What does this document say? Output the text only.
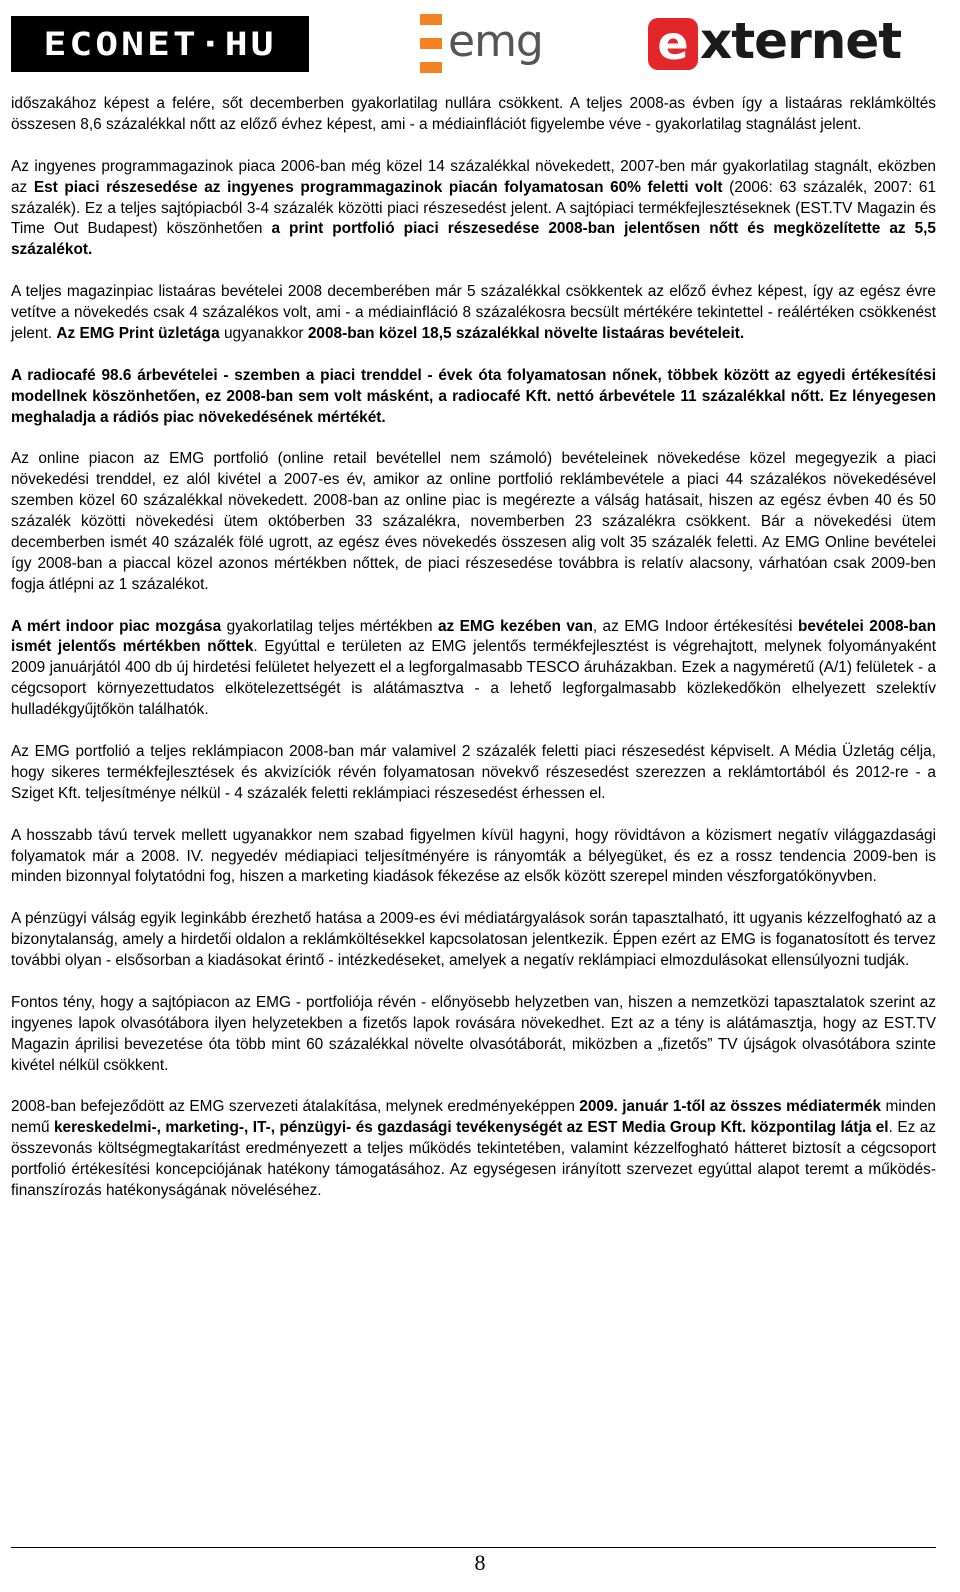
ECONET·HU	emg e xternet

időszakához képest a felére, sőt decemberben gyakorlatilag nullára csökkent. A teljes 2008-as évben így a listaáras reklámköltés összesen 8,6 százalékkal nőtt az előző évhez képest, ami - a médiainflációt figyelembe véve - gyakorlatilag stagnálást jelent.

Az ingyenes programmagazinok piaca 2006-ban még közel 14 százalékkal növekedett, 2007-ben már gyakorlatilag stagnált, eközben az Est piaci részesedése az ingyenes programmagazinok piacán folyamatosan 60% feletti volt (2006: 63 százalék, 2007: 61 százalék). Ez a teljes sajtópiacból 3-4 százalék közötti piaci részesedést jelent. A sajtópiaci termékfejlesztéseknek (EST.TV Magazin és Time Out Budapest) köszönhetően a print portfolió piaci részesedése 2008-ban jelentősen nőtt és megközelítette az 5,5 százalékot.

A teljes magazinpiac listaáras bevételei 2008 decemberében már 5 százalékkal csökkentek az előző évhez képest, így az egész évre vetítve a növekedés csak 4 százalékos volt, ami - a médiainfláció 8 százalékosra becsült mértékére tekintettel - reálértéken csökkenést jelent. Az EMG Print üzletága ugyanakkor 2008-ban közel 18,5 százalékkal növelte listaáras bevételeit.

A radiocafé 98.6 árbevételei - szemben a piaci trenddel - évek óta folyamatosan nőnek, többek között az egyedi értékesítési modellnek köszönhetően, ez 2008-ban sem volt másként, a radiocafé Kft. nettó árbevétele 11 százalékkal nőtt. Ez lényegesen meghaladja a rádiós piac növekedésének mértékét.

Az online piacon az EMG portfolió (online retail bevétellel nem számoló) bevételeinek növekedése közel megegyezik a piaci növekedési trenddel, ez alól kivétel a 2007-es év, amikor az online portfolió reklámbevétele a piaci 44 százalékos növekedésével szemben közel 60 százalékkal növekedett. 2008-ban az online piac is megérezte a válság hatásait, hiszen az egész évben 40 és 50 százalék közötti növekedési ütem októberben 33 százalékra, novemberben 23 százalékra csökkent. Bár a növekedési ütem decemberben ismét 40 százalék fölé ugrott, az egész éves növekedés összesen alig volt 35 százalék feletti. Az EMG Online bevételei így 2008-ban a piaccal közel azonos mértékben nőttek, de piaci részesedése továbbra is relatív alacsony, várhatóan csak 2009-ben fogja átlépni az 1 százalékot.

A mért indoor piac mozgása gyakorlatilag teljes mértékben az EMG kezében van, az EMG Indoor értékesítési bevételei 2008-ban ismét jelentős mértékben nőttek. Egyúttal e területen az EMG jelentős termékfejlesztést is végrehajtott, melynek folyományaként 2009 januárjától 400 db új hirdetési felületet helyezett el a legforgalmasabb TESCO áruházakban. Ezek a nagyméretű (A/1) felületek - a cégcsoport környezettudatos elkötelezettségét is alátámasztva - a lehető legforgalmasabb közlekedőkön elhelyezett szelektív hulladékgyűjtőkön találhatók.

Az EMG portfolió a teljes reklámpiacon 2008-ban már valamivel 2 százalék feletti piaci részesedést képviselt. A Média Üzletág célja, hogy sikeres termékfejlesztések és akvizíciók révén folyamatosan növekvő részesedést szerezzen a reklámtortából és 2012-re - a Sziget Kft. teljesítménye nélkül - 4 százalék feletti reklámpiaci részesedést érhessen el.

A hosszabb távú tervek mellett ugyanakkor nem szabad figyelmen kívül hagyni, hogy rövidtávon a közismert negatív világgazdasági folyamatok már a 2008. IV. negyedév médiapiaci teljesítményére is rányomták a bélyegüket, és ez a rossz tendencia 2009-ben is minden bizonnyal folytatódni fog, hiszen a marketing kiadások fékezése az elsők között szerepel minden vészforgatókönyvben.

A pénzügyi válság egyik leginkább érezhető hatása a 2009-es évi médiatárgyalások során tapasztalható, itt ugyanis kézzelfogható az a bizonytalanság, amely a hirdetői oldalon a reklámköltésekkel kapcsolatosan jelentkezik. Éppen ezért az EMG is foganatosított és tervez további olyan - elsősorban a kiadásokat érintő - intézkedéseket, amelyek a negatív reklámpiaci elmozdulásokat ellensúlyozni tudják.

Fontos tény, hogy a sajtópiacon az EMG - portfoliója révén - előnyösebb helyzetben van, hiszen a nemzetközi tapasztalatok szerint az ingyenes lapok olvasótábora ilyen helyzetekben a fizetős lapok rovására növekedhet. Ezt az a tény is alátámasztja, hogy az EST.TV Magazin áprilisi bevezetése óta több mint 60 százalékkal növelte olvasótáborát, miközben a „fizetős” TV újságok olvasótábora szinte kivétel nélkül csökkent.

2008-ban befejeződött az EMG szervezeti átalakítása, melynek eredményeképpen 2009. január 1-től az összes médiatermék minden nemű kereskedelmi-, marketing-, IT-, pénzügyi- és gazdasági tevékenységét az EST Media Group Kft. központilag látja el. Ez az összevonás költségmegtakarítást eredményezett a teljes működés tekintetében, valamint kézzelfogható hátteret biztosít a cégcsoport portfolió értékesítési koncepciójának hatékony támogatásához. Az egységesen irányított szervezet egyúttal alapot teremt a működés-finanszírozás hatékonyságának növeléséhez.

8
